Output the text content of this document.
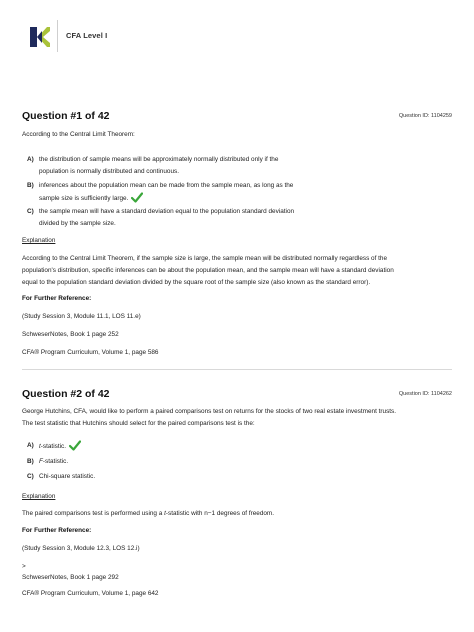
CFA Level I
Question #1 of 42	Question ID: 1104259
According to the Central Limit Theorem:
A) the distribution of sample means will be approximately normally distributed only if the
population is normally distributed and continuous.
B) inferences about the population mean can be made from the sample mean, as long as the
sample size is sufficiently large.
C) the sample mean will have a standard deviation equal to the population standard deviation
divided by the sample size.
Explanation
According to the Central Limit Theorem, if the sample size is large, the sample mean will be distributed normally regardless of the
population's distribution, specific inferences can be about the population mean, and the sample mean will have a standard deviation
equal to the population standard deviation divided by the square root of the sample size (also known as the standard error).
For Further Reference:
(Study Session 3, Module 11.1, LOS 11.e)
SchweserNotes, Book 1 page 252
CFA® Program Curriculum, Volume 1, page 586
Question #2 of 42	Question ID: 1104262
George Hutchins, CFA, would like to perform a paired comparisons test on returns for the stocks of two real estate investment trusts.
The test statistic that Hutchins should select for the paired comparisons test is the:
A) t-statistic.
B) F-statistic.
C) Chi-square statistic.
Explanation
The paired comparisons test is performed using a t-statistic with n−1 degrees of freedom.
For Further Reference:
(Study Session 3, Module 12.3, LOS 12.i)
>
SchweserNotes, Book 1 page 292
CFA® Program Curriculum, Volume 1, page 642
